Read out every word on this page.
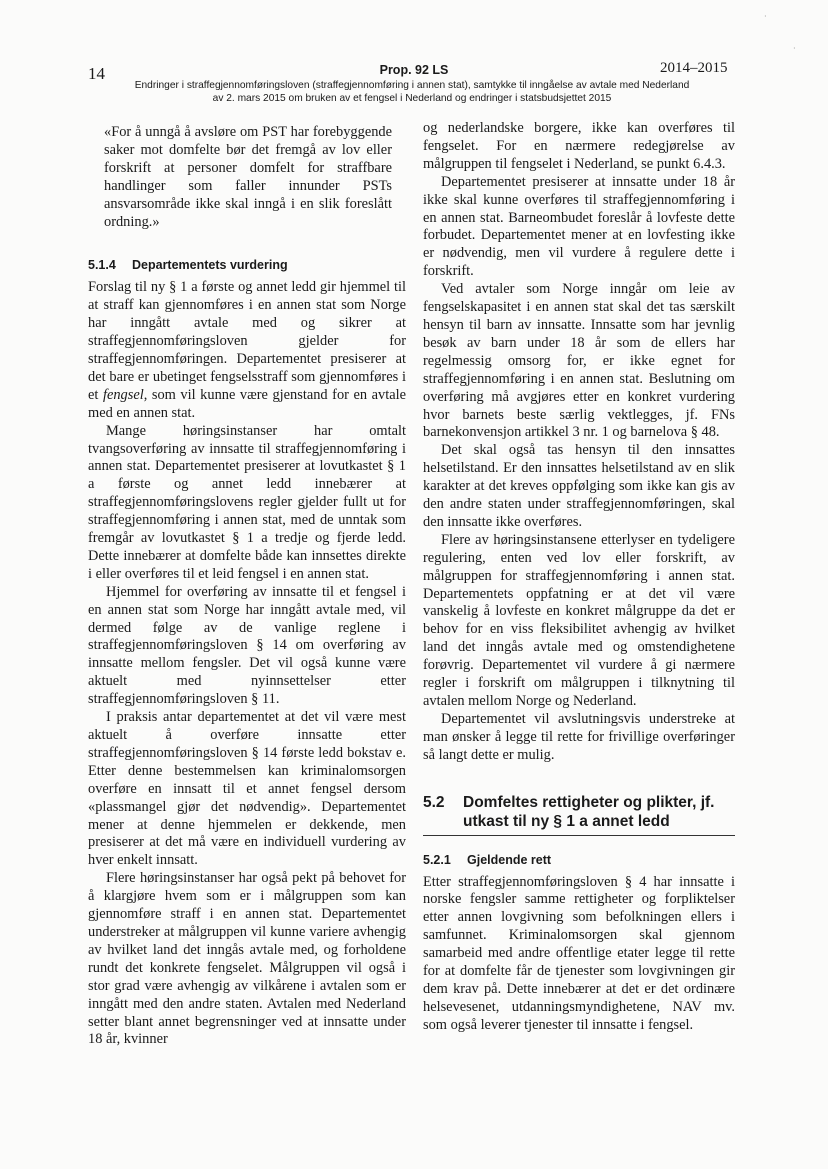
14	Prop. 92 LS	2014–2015
Endringer i straffegjennomføringsloven (straffegjennomføring i annen stat), samtykke til inngåelse av avtale med Nederland
av 2. mars 2015 om bruken av et fengsel i Nederland og endringer i statsbudsjettet 2015

«For å unngå å avsløre om PST har forebyggende saker mot domfelte bør det fremgå av lov eller forskrift at personer domfelt for straffbare handlinger som faller innunder PSTs ansvarsområde ikke skal inngå i en slik foreslått ordning.»

5.1.4 Departementets vurdering

Forslag til ny § 1 a første og annet ledd gir hjemmel til at straff kan gjennomføres i en annen stat som Norge har inngått avtale med og sikrer at straffegjennomføringsloven gjelder for straffegjennomføringen. Departementet presiserer at det bare er ubetinget fengselsstraff som gjennomføres i et fengsel, som vil kunne være gjenstand for en avtale med en annen stat.

Mange høringsinstanser har omtalt tvangsoverføring av innsatte til straffegjennomføring i annen stat. Departementet presiserer at lovutkastet § 1 a første og annet ledd innebærer at straffegjennomføringslovens regler gjelder fullt ut for straffegjennomføring i annen stat, med de unntak som fremgår av lovutkastet § 1 a tredje og fjerde ledd. Dette innebærer at domfelte både kan innsettes direkte i eller overføres til et leid fengsel i en annen stat.

Hjemmel for overføring av innsatte til et fengsel i en annen stat som Norge har inngått avtale med, vil dermed følge av de vanlige reglene i straffegjennomføringsloven § 14 om overføring av innsatte mellom fengsler. Det vil også kunne være aktuelt med nyinnsettelser etter straffegjennomføringsloven § 11.

I praksis antar departementet at det vil være mest aktuelt å overføre innsatte etter straffegjennomføringsloven § 14 første ledd bokstav e. Etter denne bestemmelsen kan kriminalomsorgen overføre en innsatt til et annet fengsel dersom «plassmangel gjør det nødvendig». Departementet mener at denne hjemmelen er dekkende, men presiserer at det må være en individuell vurdering av hver enkelt innsatt.

Flere høringsinstanser har også pekt på behovet for å klargjøre hvem som er i målgruppen som kan gjennomføre straff i en annen stat. Departementet understreker at målgruppen vil kunne variere avhengig av hvilket land det inngås avtale med, og forholdene rundt det konkrete fengselet. Målgruppen vil også i stor grad være avhengig av vilkårene i avtalen som er inngått med den andre staten. Avtalen med Nederland setter blant annet begrensninger ved at innsatte under 18 år, kvinner

og nederlandske borgere, ikke kan overføres til fengselet. For en nærmere redegjørelse av målgruppen til fengselet i Nederland, se punkt 6.4.3.

Departementet presiserer at innsatte under 18 år ikke skal kunne overføres til straffegjennomføring i en annen stat. Barneombudet foreslår å lovfeste dette forbudet. Departementet mener at en lovfesting ikke er nødvendig, men vil vurdere å regulere dette i forskrift.

Ved avtaler som Norge inngår om leie av fengselskapasitet i en annen stat skal det tas særskilt hensyn til barn av innsatte. Innsatte som har jevnlig besøk av barn under 18 år som de ellers har regelmessig omsorg for, er ikke egnet for straffegjennomføring i en annen stat. Beslutning om overføring må avgjøres etter en konkret vurdering hvor barnets beste særlig vektlegges, jf. FNs barnekonvensjon artikkel 3 nr. 1 og barnelova § 48.

Det skal også tas hensyn til den innsattes helsetilstand. Er den innsattes helsetilstand av en slik karakter at det kreves oppfølging som ikke kan gis av den andre staten under straffegjennomføringen, skal den innsatte ikke overføres.

Flere av høringsinstansene etterlyser en tydeligere regulering, enten ved lov eller forskrift, av målgruppen for straffegjennomføring i annen stat. Departementets oppfatning er at det vil være vanskelig å lovfeste en konkret målgruppe da det er behov for en viss fleksibilitet avhengig av hvilket land det inngås avtale med og omstendighetene forøvrig. Departementet vil vurdere å gi nærmere regler i forskrift om målgruppen i tilknytning til avtalen mellom Norge og Nederland.

Departementet vil avslutningsvis understreke at man ønsker å legge til rette for frivillige overføringer så langt dette er mulig.

5.2	Domfeltes rettigheter og plikter, jf. utkast til ny § 1 a annet ledd
5.2.1 Gjeldende rett

Etter straffegjennomføringsloven § 4 har innsatte i norske fengsler samme rettigheter og forpliktelser etter annen lovgivning som befolkningen ellers i samfunnet. Kriminalomsorgen skal gjennom samarbeid med andre offentlige etater legge til rette for at domfelte får de tjenester som lovgivningen gir dem krav på. Dette innebærer at det er det ordinære helsevesenet, utdanningsmyndighetene, NAV mv. som også leverer tjenester til innsatte i fengsel.

·
·
